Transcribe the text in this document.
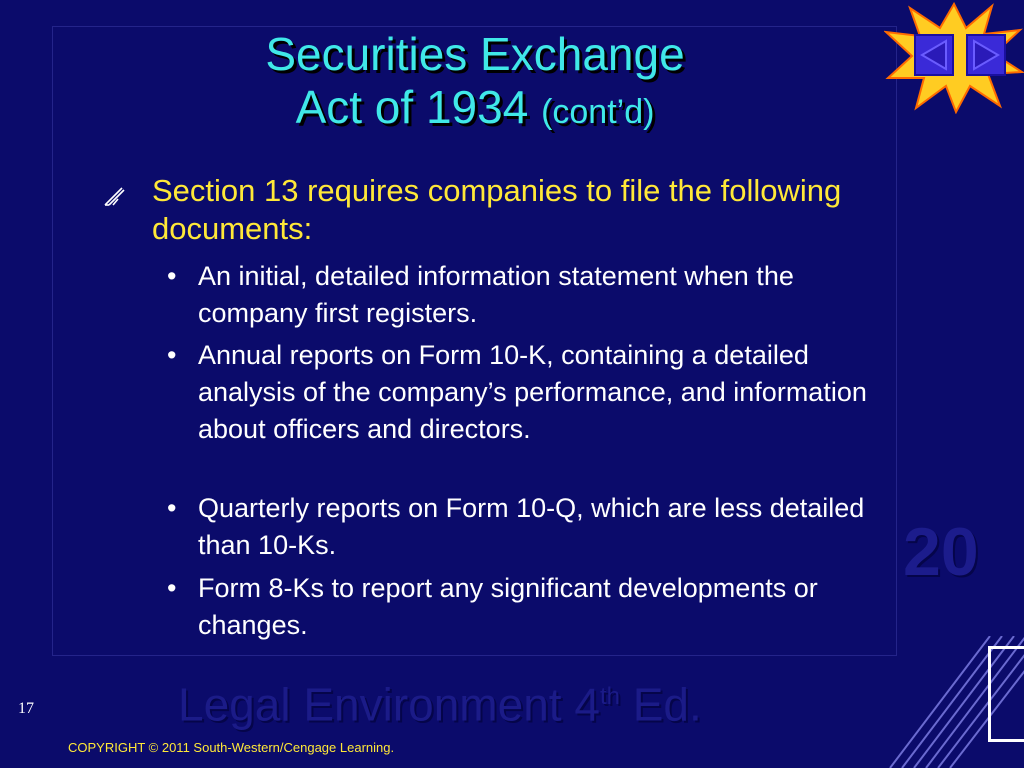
Securities Exchange
Act of 1934 (cont’d)
Section 13 requires companies to file the following documents:
• An initial, detailed information statement when the company first registers.
• Annual reports on Form 10-K, containing a detailed analysis of the company’s performance, and information about officers and directors.
• Quarterly reports on Form 10-Q, which are less detailed than 10-Ks.
• Form 8-Ks to report any significant developments or changes.
20
Legal Environment 4th Ed.
17
COPYRIGHT © 2011 South-Western/Cengage Learning.
